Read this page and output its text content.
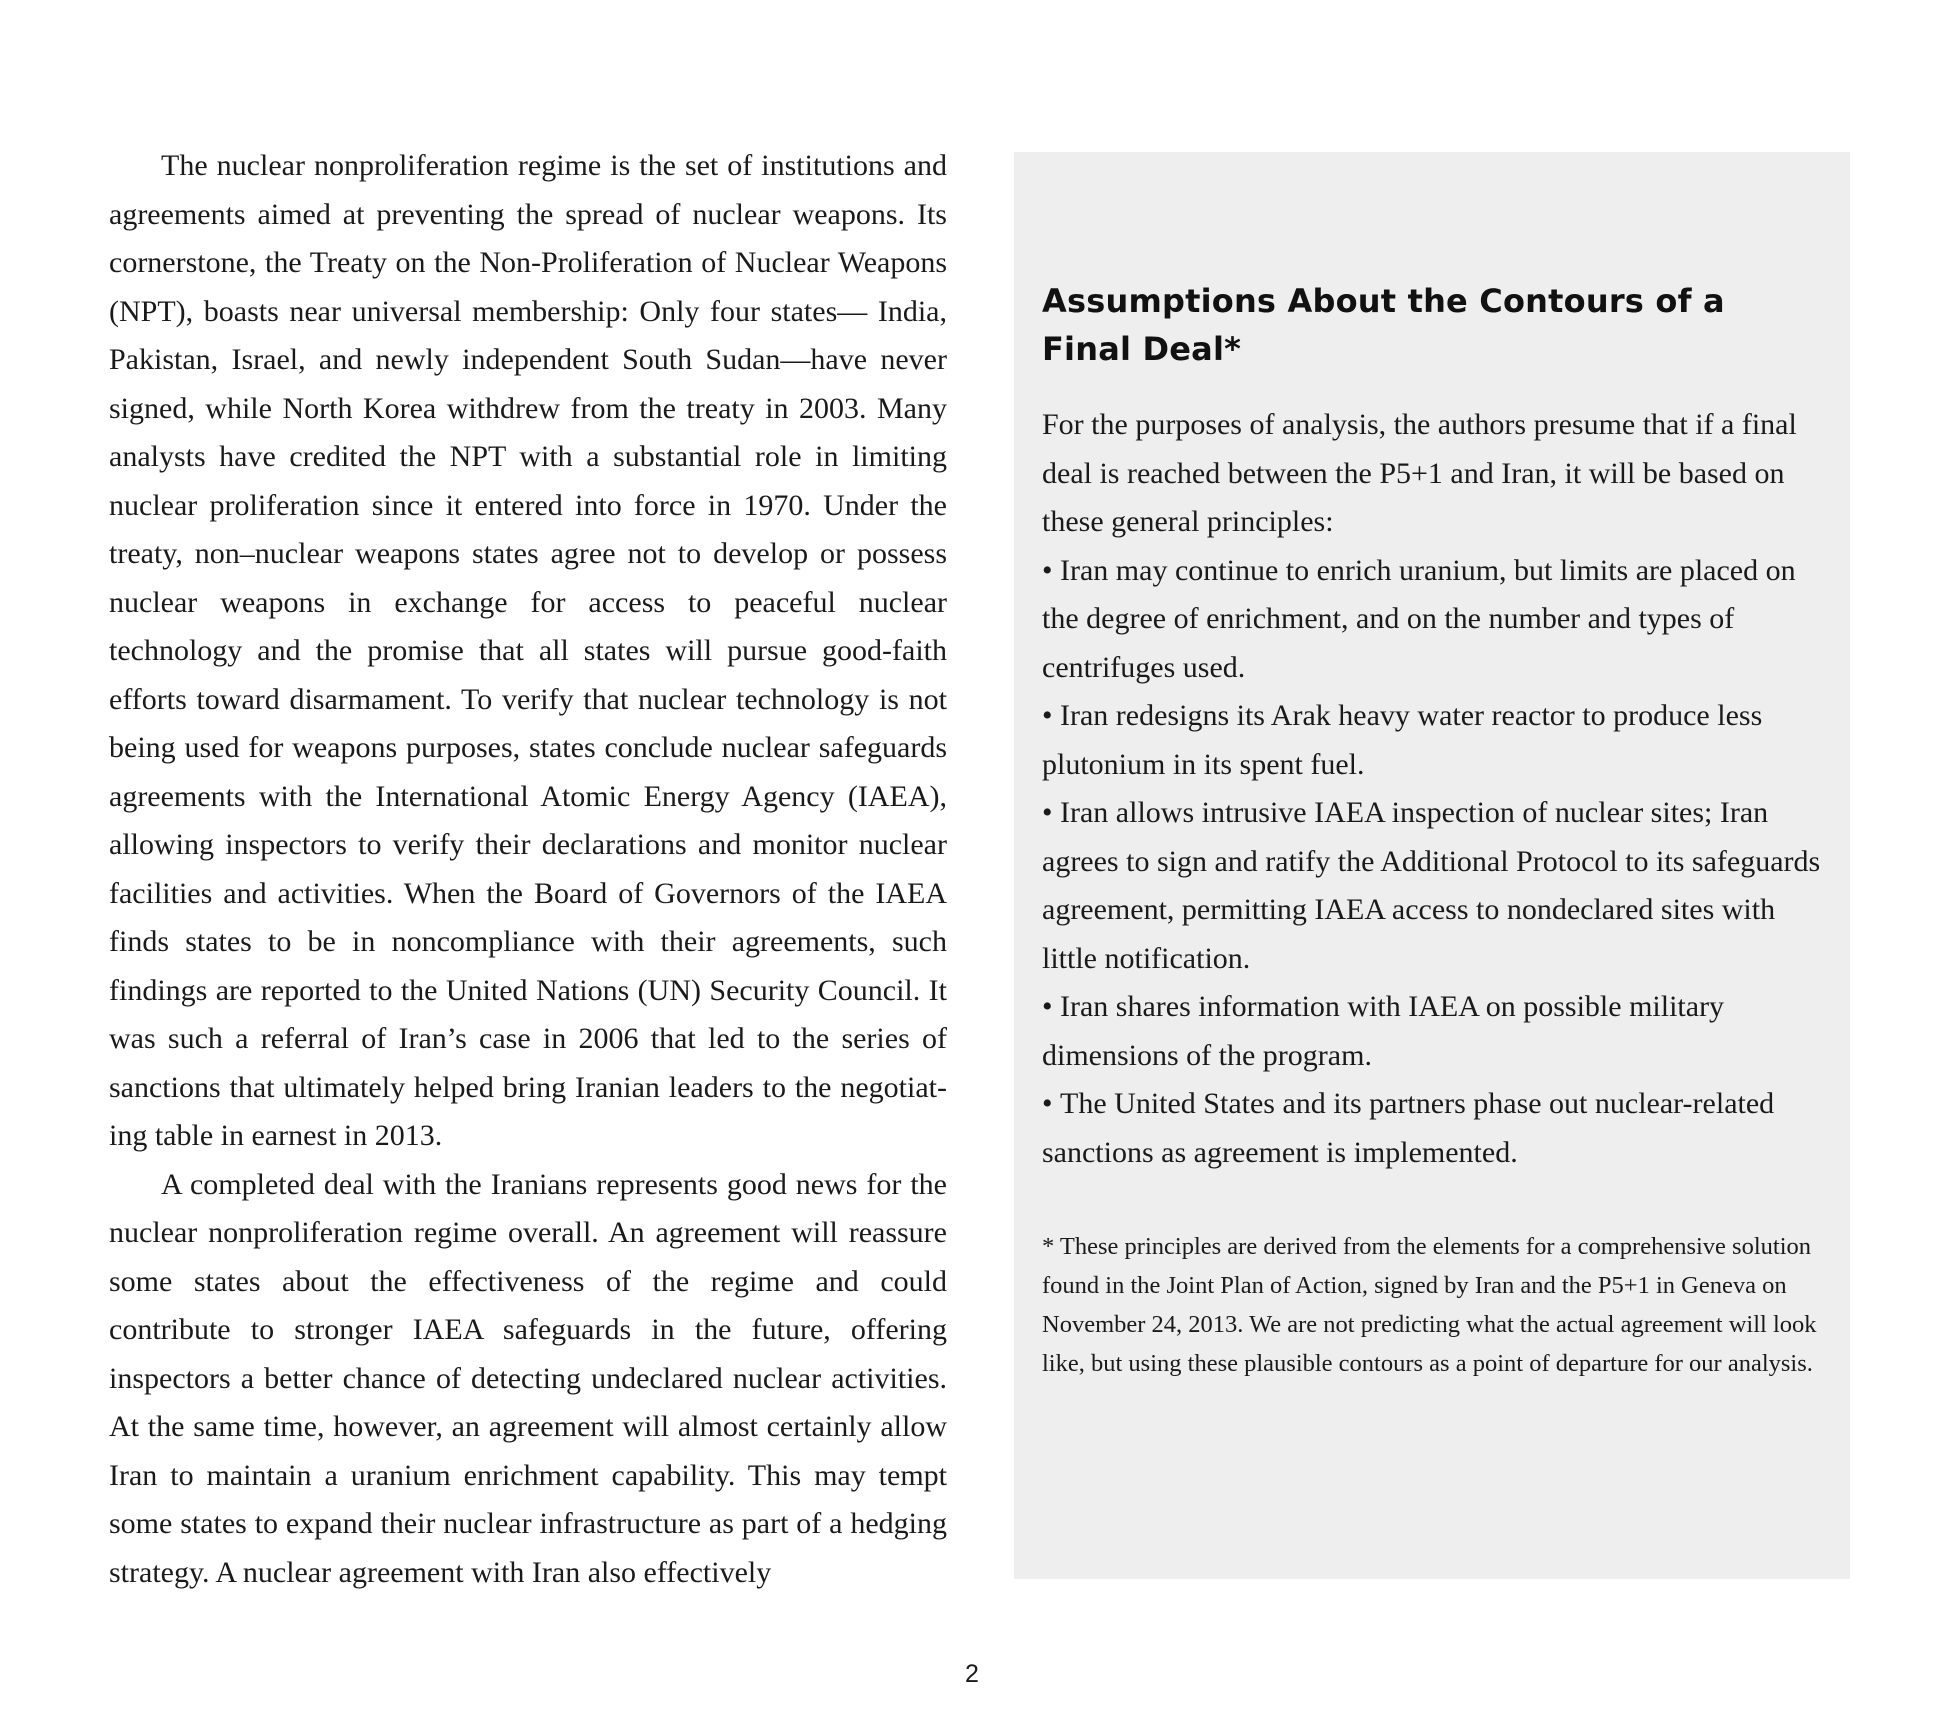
The nuclear nonproliferation regime is the set of institutions and agreements aimed at preventing the spread of nuclear weapons. Its cornerstone, the Treaty on the Non-Proliferation of Nuclear Weapons (NPT), boasts near universal membership: Only four states— India, Pakistan, Israel, and newly independent South Sudan—have never signed, while North Korea withdrew from the treaty in 2003. Many analysts have credited the NPT with a substantial role in limiting nuclear proliferation since it entered into force in 1970. Under the treaty, non–nuclear weapons states agree not to develop or possess nuclear weapons in exchange for access to peaceful nuclear technology and the promise that all states will pursue good-faith efforts toward disarmament. To verify that nuclear technology is not being used for weapons purposes, states conclude nuclear safeguards agreements with the International Atomic Energy Agency (IAEA), allowing inspectors to verify their declarations and monitor nuclear facilities and activities. When the Board of Governors of the IAEA finds states to be in noncompliance with their agreements, such findings are reported to the United Nations (UN) Security Council. It was such a referral of Iran’s case in 2006 that led to the series of sanctions that ultimately helped bring Iranian leaders to the negotiating table in earnest in 2013.

A completed deal with the Iranians represents good news for the nuclear nonproliferation regime overall. An agreement will reassure some states about the effectiveness of the regime and could contribute to stronger IAEA safeguards in the future, offering inspectors a better chance of detecting undeclared nuclear activities. At the same time, however, an agreement will almost certainly allow Iran to maintain a uranium enrichment capability. This may tempt some states to expand their nuclear infrastructure as part of a hedging strategy. A nuclear agreement with Iran also effectively

Assumptions About the Contours of a
Final Deal*

For the purposes of analysis, the authors presume that if a final deal is reached between the P5+1 and Iran, it will be based on these general principles:

• Iran may continue to enrich uranium, but limits are placed on the degree of enrichment, and on the number and types of centrifuges used.
• Iran redesigns its Arak heavy water reactor to produce less plutonium in its spent fuel.
• Iran allows intrusive IAEA inspection of nuclear sites; Iran agrees to sign and ratify the Additional Protocol to its safeguards agreement, permitting IAEA access to nondeclared sites with little notification.
• Iran shares information with IAEA on possible military dimensions of the program.
• The United States and its partners phase out nuclear-related sanctions as agreement is implemented.
* These principles are derived from the elements for a comprehensive solution found in the Joint Plan of Action, signed by Iran and the P5+1 in Geneva on November 24, 2013. We are not predicting what the actual agreement will look like, but using these plausible contours as a point of departure for our analysis.
2
